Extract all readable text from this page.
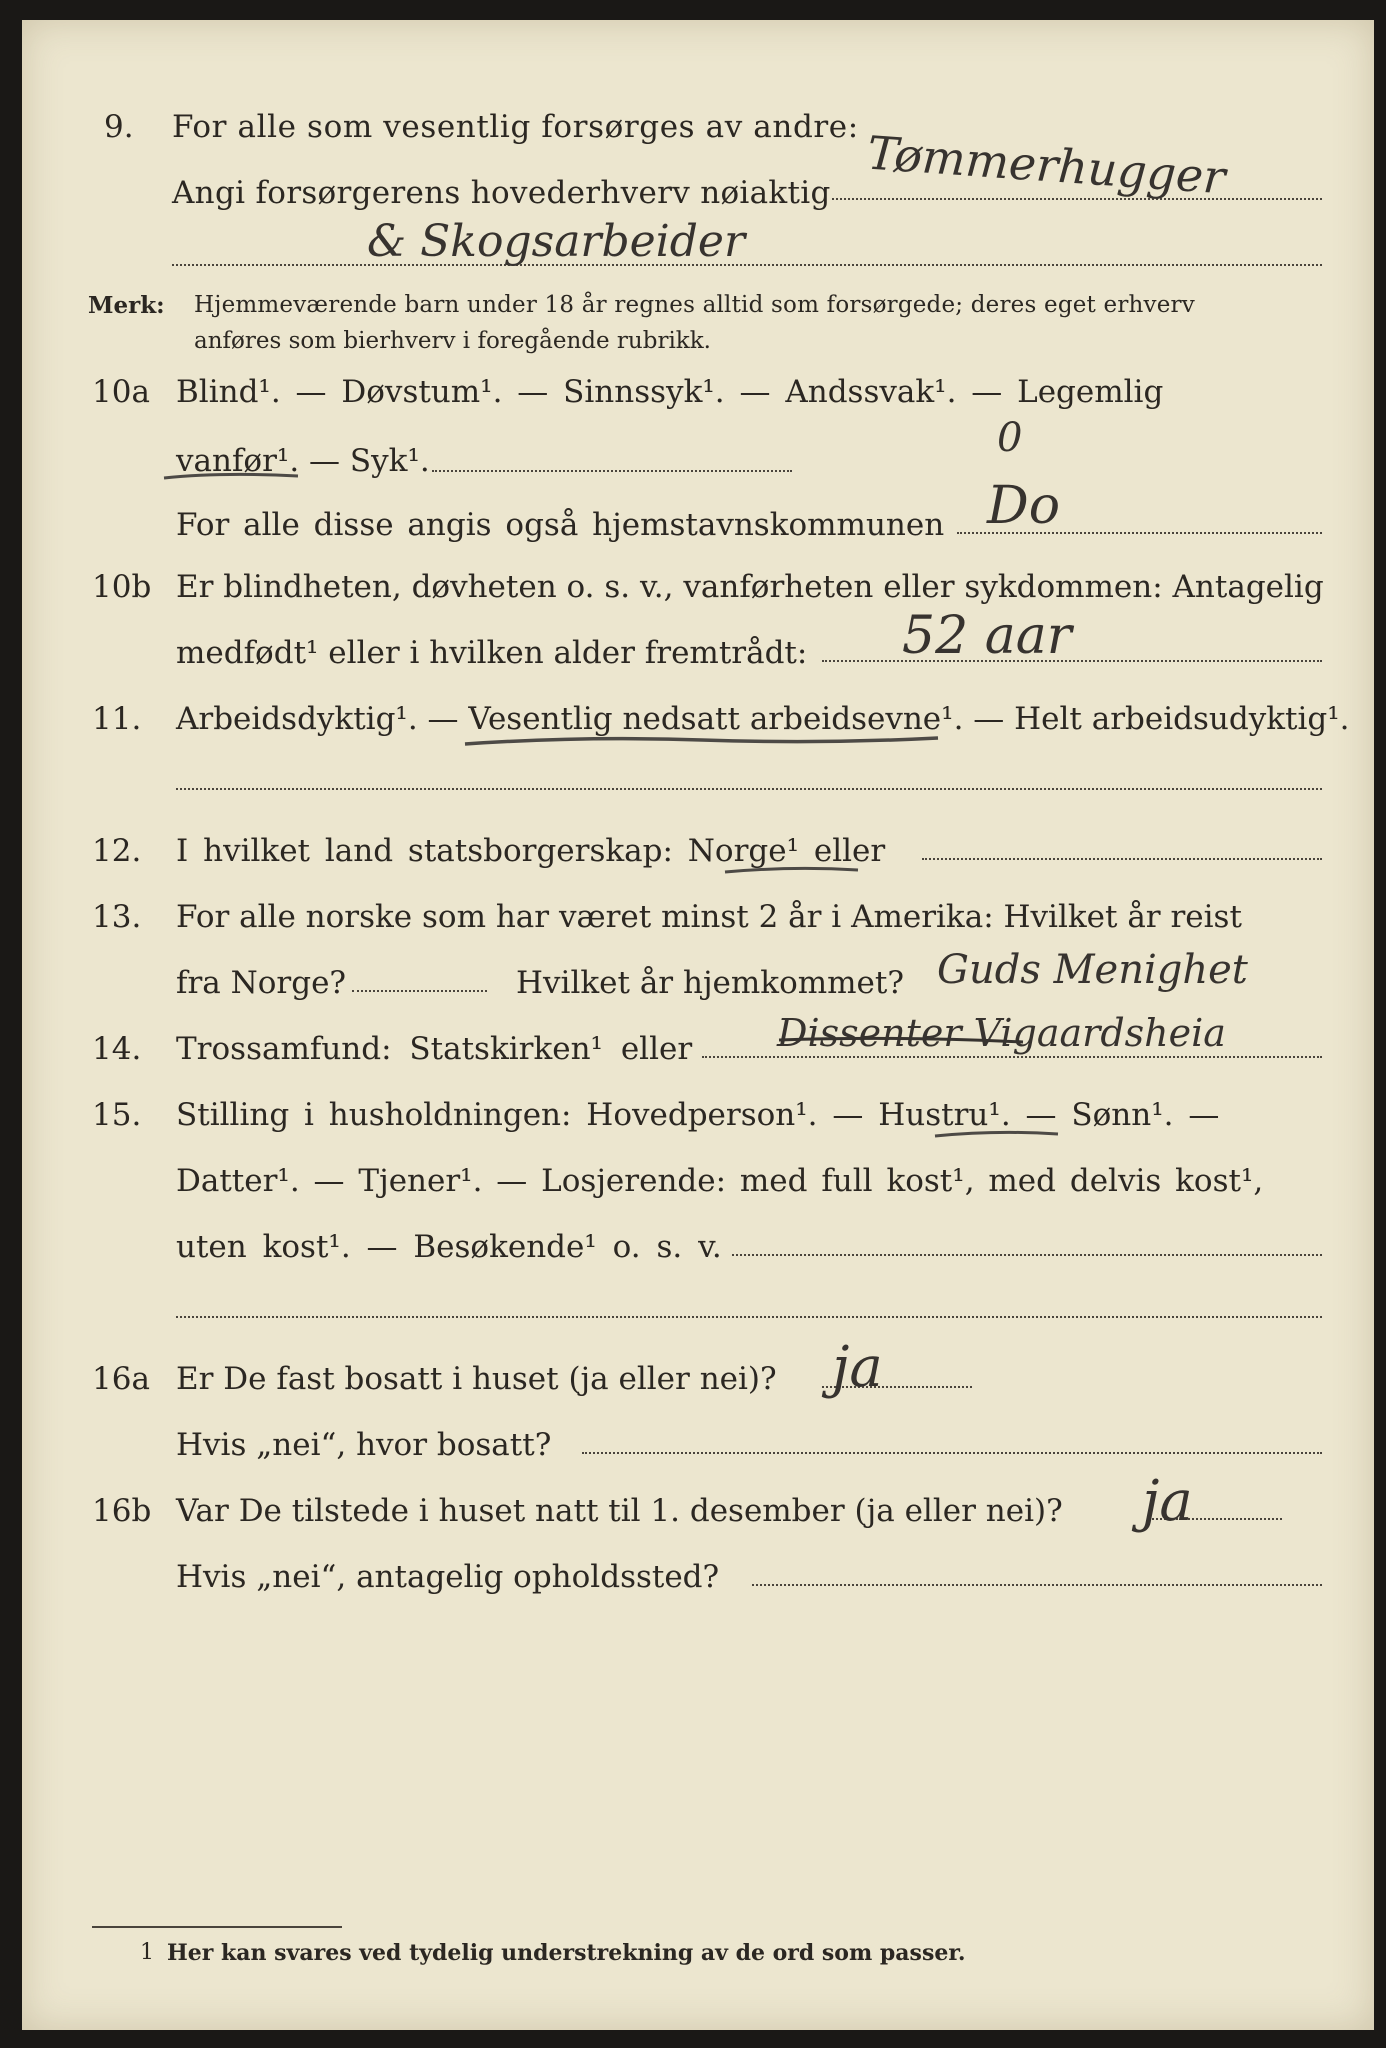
9. For alle som vesentlig forsørges av andre:
Angi forsørgerens hovederhverv nøiaktig Tømmerhugger
& Skogsarbeider
Merk: Hjemmeværende barn under 18 år regnes alltid som forsørgede; deres eget erhverv
anføres som bierhverv i foregående rubrikk.
10a Blind¹. — Døvstum¹. — Sinnssyk¹. — Andssvak¹. — Legemlig
vanfør¹. — Syk¹.	0
For alle disse angis også hjemstavnskommunen Do
10b Er blindheten, døvheten o. s. v., vanførheten eller sykdommen: Antagelig
medfødt¹ eller i hvilken alder fremtrådt: 52 aar
11. Arbeidsdyktig¹. — Vesentlig nedsatt arbeidsevne¹. — Helt arbeidsudyktig¹.
12. I hvilket land statsborgerskap: Norge¹ eller
13. For alle norske som har været minst 2 år i Amerika: Hvilket år reist
fra Norge?	Hvilket år hjemkommet? Guds Menighet
14. Trossamfund: Statskirken¹ eller Dissenter Vigaardsheia
15. Stilling i husholdningen: Hovedperson¹. — Hustru¹. — Sønn¹. —
Datter¹. — Tjener¹. — Losjerende: med full kost¹, med delvis kost¹,
uten kost¹. — Besøkende¹ o. s. v.
16a Er De fast bosatt i huset (ja eller nei)? ja
Hvis „nei“, hvor bosatt?
16b Var De tilstede i huset natt til 1. desember (ja eller nei)? ja
Hvis „nei“, antagelig opholdssted?
1 Her kan svares ved tydelig understrekning av de ord som passer.
